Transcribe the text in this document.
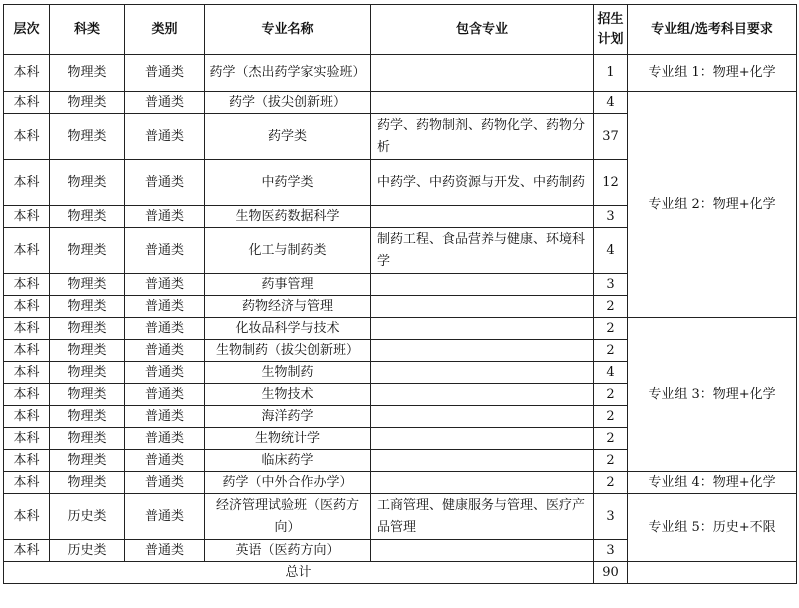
层次	科类	类别	专业名称	包含专业	招生计划	专业组/选考科目要求
本科	物理类	普通类	药学（杰出药学家实验班）		1	专业组 1：物理+化学
本科	物理类	普通类	药学（拔尖创新班）		4	专业组 2：物理+化学
本科	物理类	普通类	药学类	药学、药物制剂、药物化学、药物分析	37	
本科	物理类	普通类	中药学类	中药学、中药资源与开发、中药制药	12	
本科	物理类	普通类	生物医药数据科学		3	
本科	物理类	普通类	化工与制药类	制药工程、食品营养与健康、环境科学	4	
本科	物理类	普通类	药事管理		3	
本科	物理类	普通类	药物经济与管理		2	
本科	物理类	普通类	化妆品科学与技术		2	专业组 3：物理+化学
本科	物理类	普通类	生物制药（拔尖创新班）		2	
本科	物理类	普通类	生物制药		4	
本科	物理类	普通类	生物技术		2	
本科	物理类	普通类	海洋药学		2	
本科	物理类	普通类	生物统计学		2	
本科	物理类	普通类	临床药学		2	
本科	物理类	普通类	药学（中外合作办学）		2	专业组 4：物理+化学
本科	历史类	普通类	经济管理试验班（医药方向）	工商管理、健康服务与管理、医疗产品管理	3	专业组 5：历史+不限
本科	历史类	普通类	英语（医药方向）		3	
总计					90	
